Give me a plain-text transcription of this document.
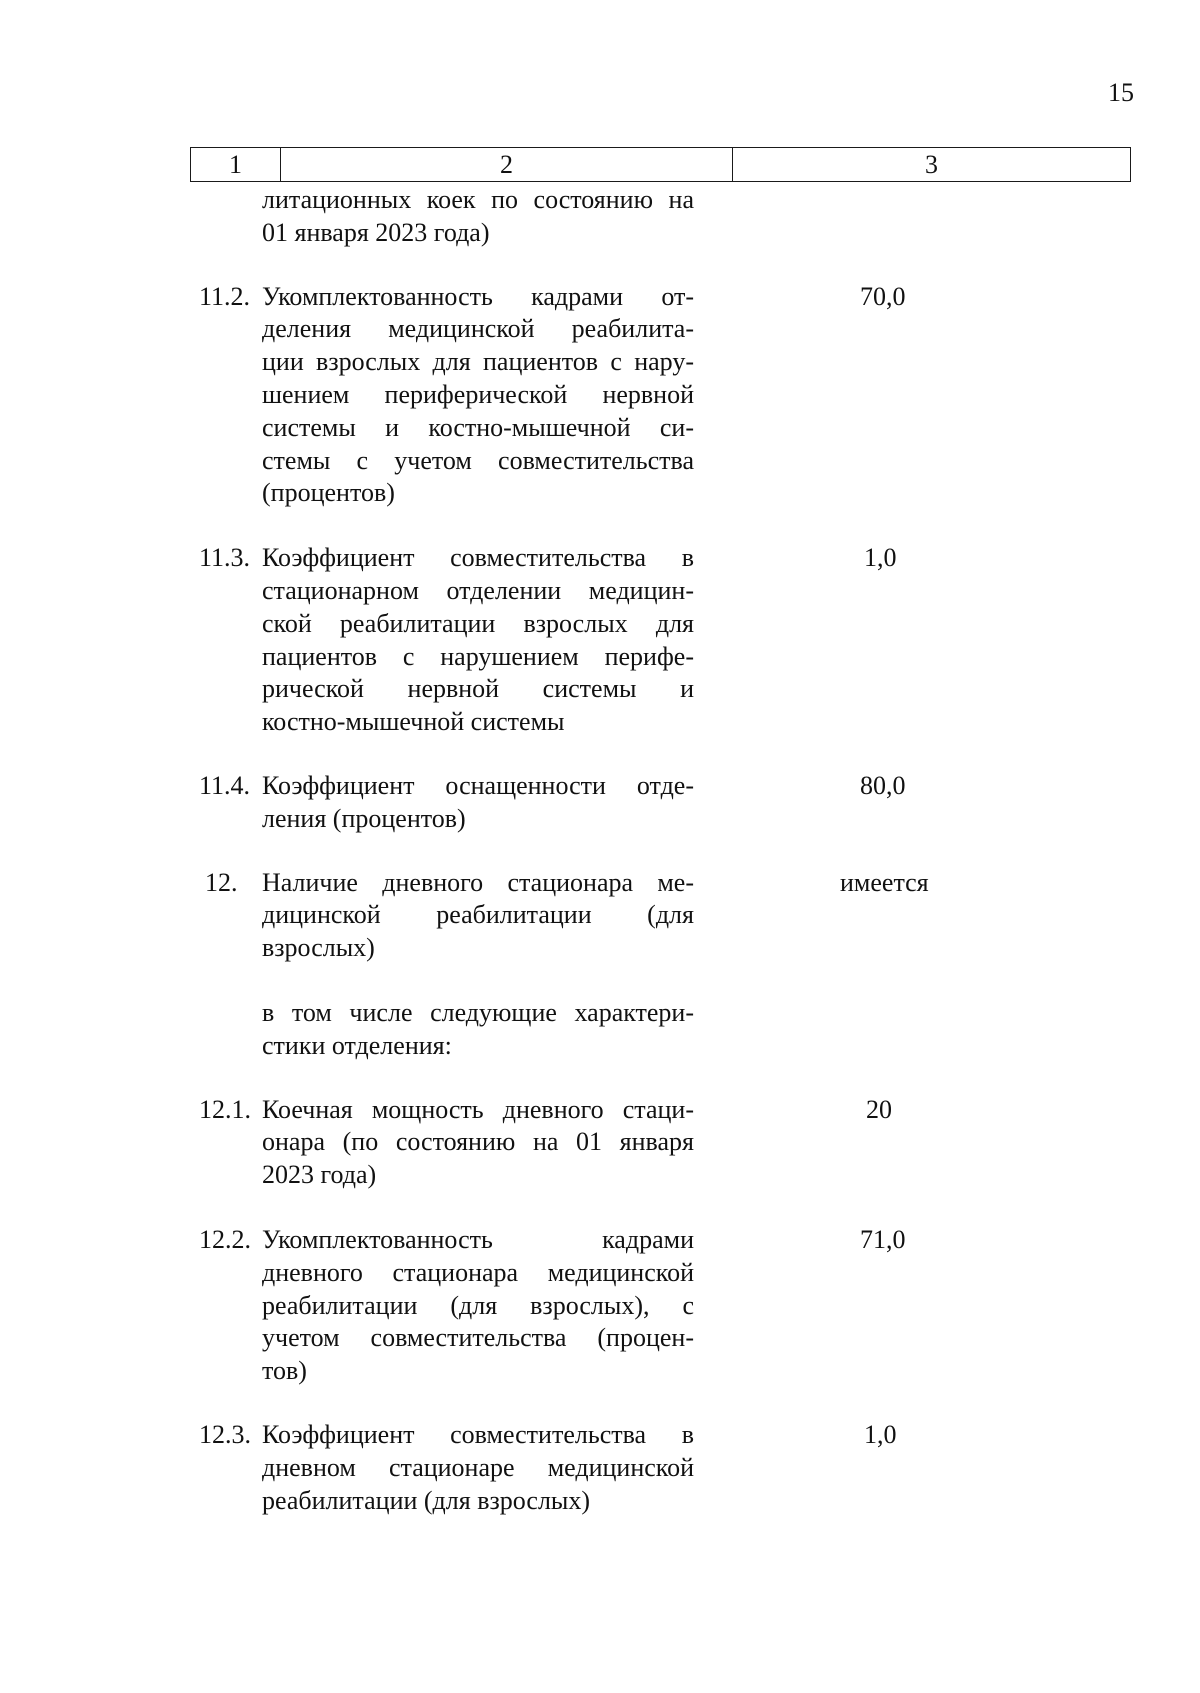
15
1	2	3
литационных коек по состоянию на
01 января 2023 года)
11.2. Укомплектованность кадрами от-
деления медицинской реабилита-
ции взрослых для пациентов с нару-
шением периферической нервной
системы и костно-мышечной си-
стемы с учетом совместительства
(процентов)
70,0
11.3. Коэффициент совместительства в
стационарном отделении медицин-
ской реабилитации взрослых для
пациентов с нарушением перифе-
рической нервной системы и
костно-мышечной системы
1,0
11.4. Коэффициент оснащенности отде-
ления (процентов)
80,0
12. Наличие дневного стационара ме-
дицинской реабилитации (для
взрослых)
имеется
в том числе следующие характери-
стики отделения:
12.1. Коечная мощность дневного стаци-
онара (по состоянию на 01 января
2023 года)
20
12.2. Укомплектованность кадрами
дневного стационара медицинской
реабилитации (для взрослых), с
учетом совместительства (процен-
тов)
71,0
12.3. Коэффициент совместительства в
дневном стационаре медицинской
реабилитации (для взрослых)
1,0
